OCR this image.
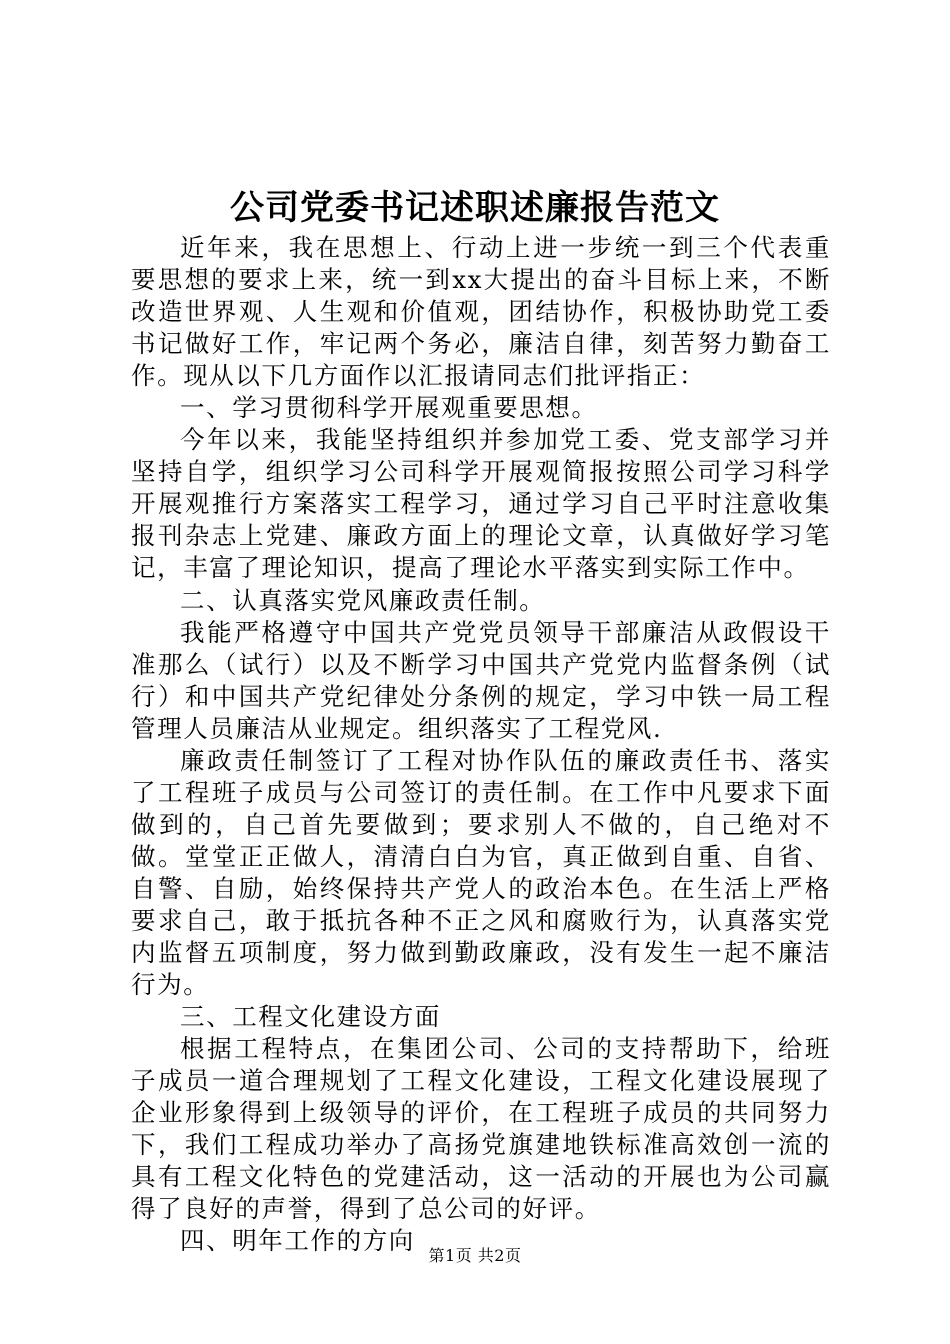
公司党委书记述职述廉报告范文

近年来，我在思想上、行动上进一步统一到三个代表重要思想的要求上来，统一到xx大提出的奋斗目标上来，不断改造世界观、人生观和价值观，团结协作，积极协助党工委书记做好工作，牢记两个务必，廉洁自律，刻苦努力勤奋工作。现从以下几方面作以汇报请同志们批评指正：

一、学习贯彻科学开展观重要思想。

今年以来，我能坚持组织并参加党工委、党支部学习并坚持自学，组织学习公司科学开展观简报按照公司学习科学开展观推行方案落实工程学习，通过学习自己平时注意收集报刊杂志上党建、廉政方面上的理论文章，认真做好学习笔记，丰富了理论知识，提高了理论水平落实到实际工作中。

二、认真落实党风廉政责任制。

我能严格遵守中国共产党党员领导干部廉洁从政假设干准那么（试行）以及不断学习中国共产党党内监督条例（试行）和中国共产党纪律处分条例的规定，学习中铁一局工程管理人员廉洁从业规定。组织落实了工程党风.

廉政责任制签订了工程对协作队伍的廉政责任书、落实了工程班子成员与公司签订的责任制。在工作中凡要求下面做到的，自己首先要做到；要求别人不做的，自己绝对不做。堂堂正正做人，清清白白为官，真正做到自重、自省、自警、自励，始终保持共产党人的政治本色。在生活上严格要求自己，敢于抵抗各种不正之风和腐败行为，认真落实党内监督五项制度，努力做到勤政廉政，没有发生一起不廉洁行为。

三、工程文化建设方面

根据工程特点，在集团公司、公司的支持帮助下，给班子成员一道合理规划了工程文化建设，工程文化建设展现了企业形象得到上级领导的评价，在工程班子成员的共同努力下，我们工程成功举办了高扬党旗建地铁标准高效创一流的具有工程文化特色的党建活动，这一活动的开展也为公司赢得了良好的声誉，得到了总公司的好评。

四、明年工作的方向

第1页 共2页
